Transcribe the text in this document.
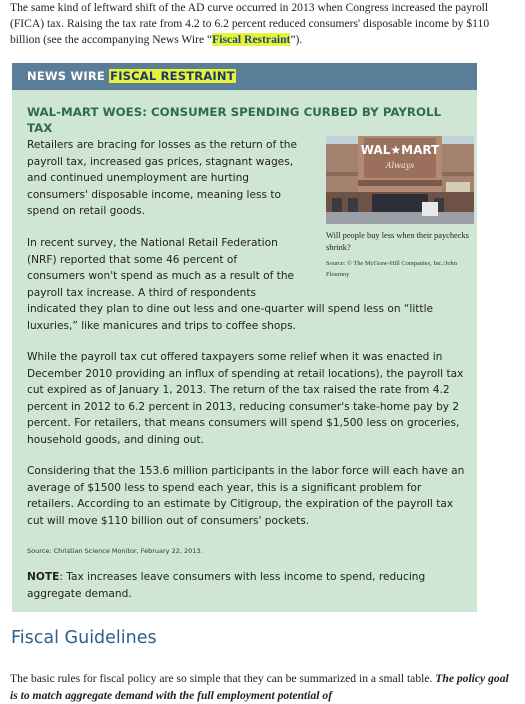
The same kind of leftward shift of the AD curve occurred in 2013 when Congress increased the payroll (FICA) tax. Raising the tax rate from 4.2 to 6.2 percent reduced consumers' disposable income by $110 billion (see the accompanying News Wire “Fiscal Restraint”).
NEWS WIRE FISCAL RESTRAINT
WAL-MART WOES: CONSUMER SPENDING CURBED BY PAYROLL TAX
Retailers are bracing for losses as the return of the payroll tax, increased gas prices, stagnant wages, and continued unemployment are hurting consumers' disposable income, meaning less to spend on retail goods.
WAL★MART
Always
Will people buy less when their paychecks shrink?
Source: © The McGraw-Hill Companies, Inc./John Flournoy
In recent survey, the National Retail Federation (NRF) reported that some 46 percent of consumers won't spend as much as a result of the payroll tax increase. A third of respondents indicated they plan to dine out less and one-quarter will spend less on “little luxuries,” like manicures and trips to coffee shops.
While the payroll tax cut offered taxpayers some relief when it was enacted in December 2010 providing an influx of spending at retail locations), the payroll tax cut expired as of January 1, 2013. The return of the tax raised the rate from 4.2 percent in 2012 to 6.2 percent in 2013, reducing consumer's take-home pay by 2 percent. For retailers, that means consumers will spend $1,500 less on groceries, household goods, and dining out.
Considering that the 153.6 million participants in the labor force will each have an average of $1500 less to spend each year, this is a significant problem for retailers. According to an estimate by Citigroup, the expiration of the payroll tax cut will move $110 billion out of consumers' pockets.
Source: Christian Science Monitor, February 22, 2013.
NOTE: Tax increases leave consumers with less income to spend, reducing aggregate demand.
Fiscal Guidelines
The basic rules for fiscal policy are so simple that they can be summarized in a small table. The policy goal is to match aggregate demand with the full employment potential of
